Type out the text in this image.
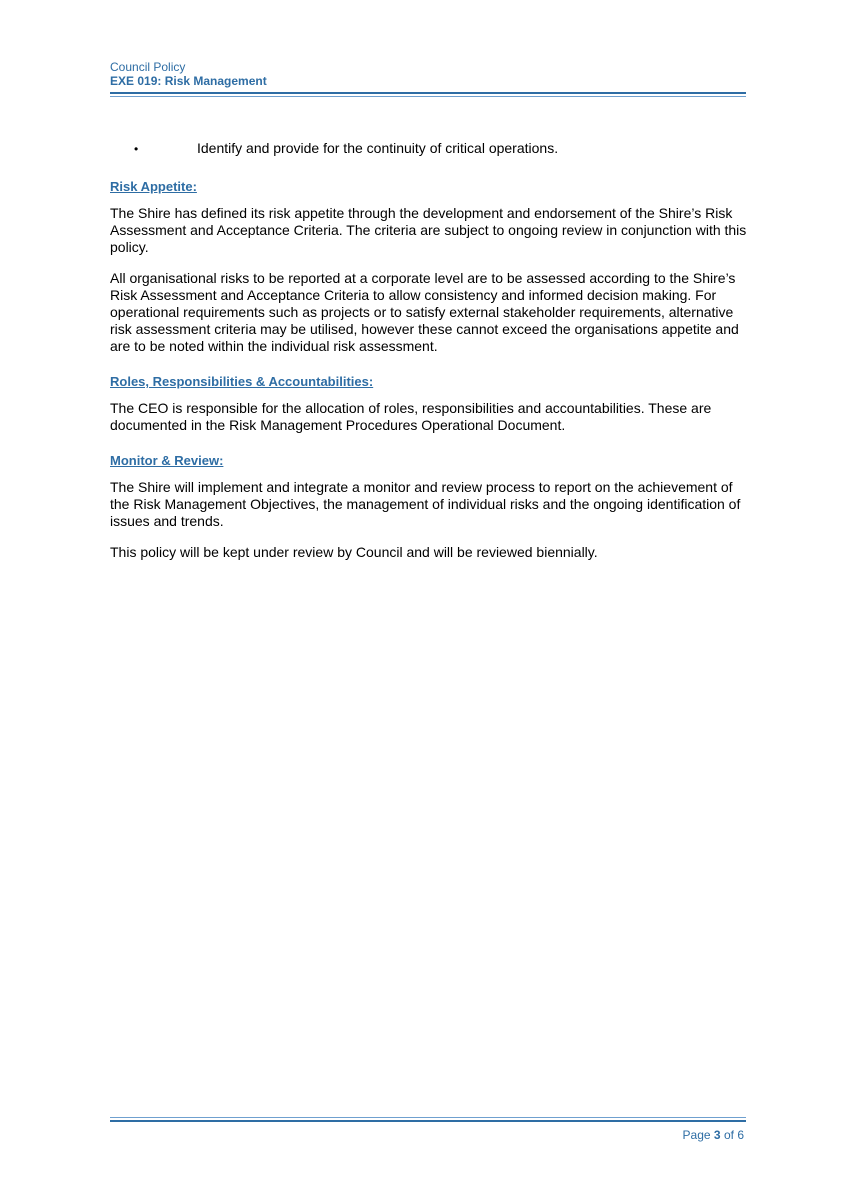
Council Policy
EXE 019: Risk Management
•	Identify and provide for the continuity of critical operations.
Risk Appetite:

The Shire has defined its risk appetite through the development and endorsement of the Shire’s Risk Assessment and Acceptance Criteria. The criteria are subject to ongoing review in conjunction with this policy.

All organisational risks to be reported at a corporate level are to be assessed according to the Shire’s Risk Assessment and Acceptance Criteria to allow consistency and informed decision making. For operational requirements such as projects or to satisfy external stakeholder requirements, alternative risk assessment criteria may be utilised, however these cannot exceed the organisations appetite and are to be noted within the individual risk assessment.

Roles, Responsibilities & Accountabilities:

The CEO is responsible for the allocation of roles, responsibilities and accountabilities. These are documented in the Risk Management Procedures Operational Document.

Monitor & Review:

The Shire will implement and integrate a monitor and review process to report on the achievement of the Risk Management Objectives, the management of individual risks and the ongoing identification of issues and trends.

This policy will be kept under review by Council and will be reviewed biennially.

Page 3 of 6
